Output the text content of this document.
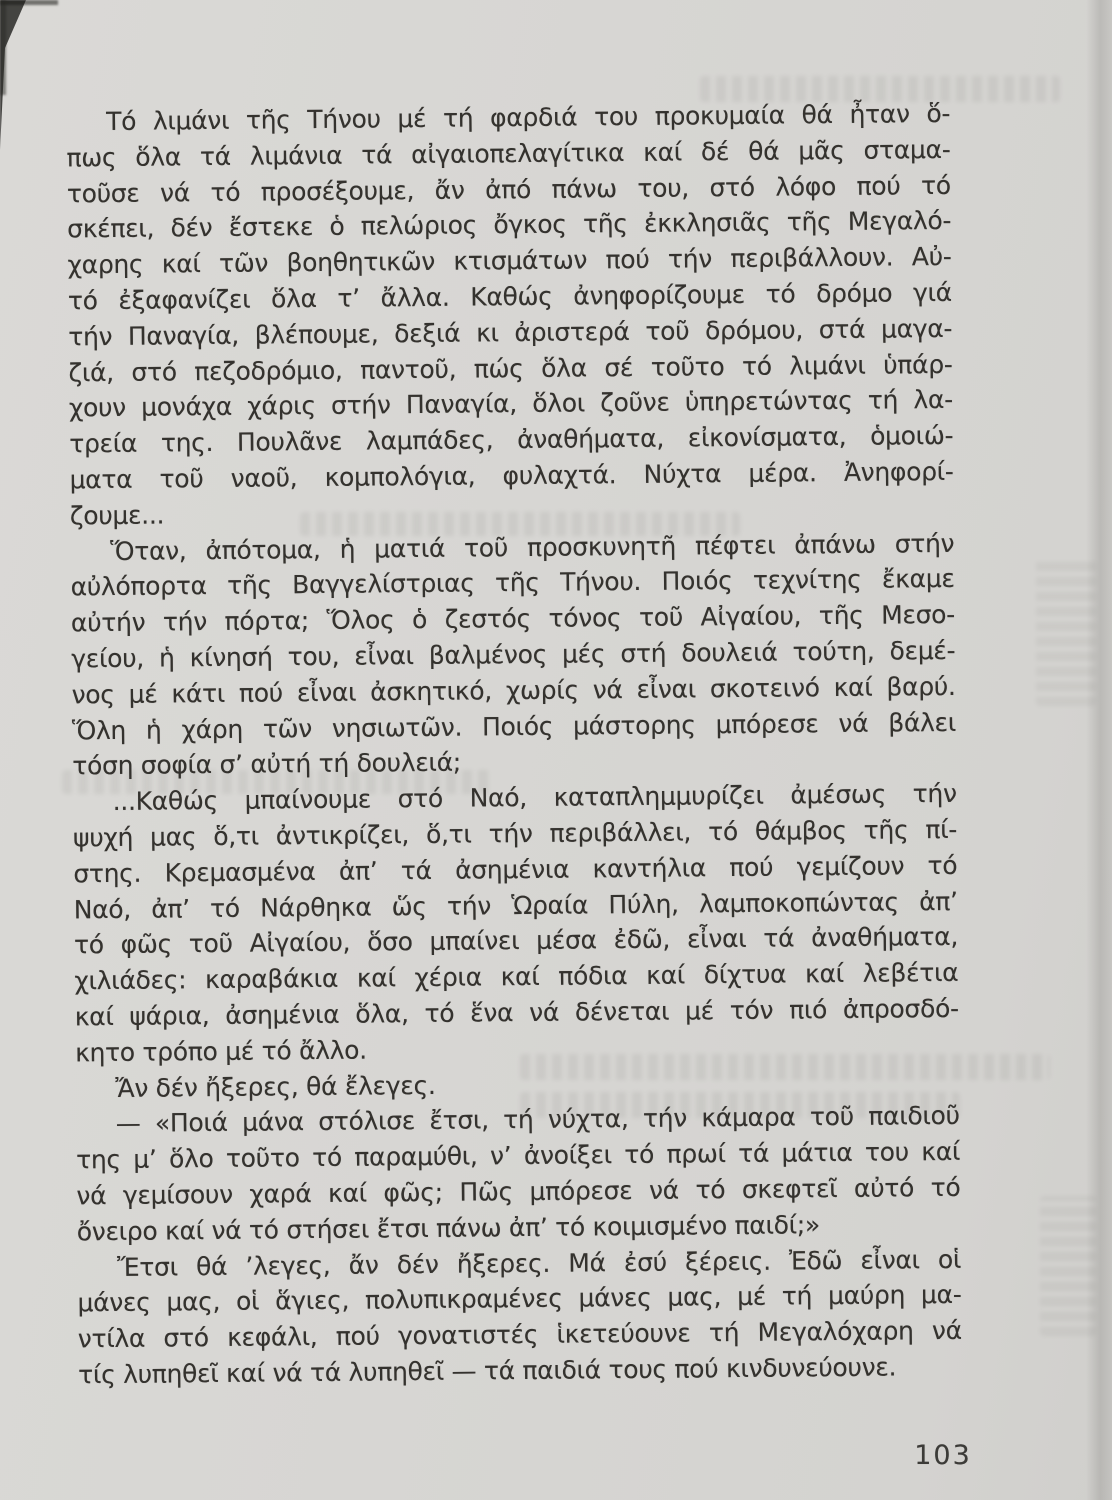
Τό λιμάνι τῆς Τήνου μέ τή φαρδιά του προκυμαία θά ἦταν ὅ-
πως ὅλα τά λιμάνια τά αἰγαιοπελαγίτικα καί δέ θά μᾶς σταμα-
τοῦσε νά τό προσέξουμε, ἄν ἀπό πάνω του, στό λόφο πού τό
σκέπει, δέν ἔστεκε ὁ πελώριος ὄγκος τῆς ἐκκλησιᾶς τῆς Μεγαλό-
χαρης καί τῶν βοηθητικῶν κτισμάτων πού τήν περιβάλλουν. Αὐ-
τό ἐξαφανίζει ὅλα τ’ ἄλλα. Καθώς ἀνηφορίζουμε τό δρόμο γιά
τήν Παναγία, βλέπουμε, δεξιά κι ἀριστερά τοῦ δρόμου, στά μαγα-
ζιά, στό πεζοδρόμιο, παντοῦ, πώς ὅλα σέ τοῦτο τό λιμάνι ὑπάρ-
χουν μονάχα χάρις στήν Παναγία, ὅλοι ζοῦνε ὑπηρετώντας τή λα-
τρεία της. Πουλᾶνε λαμπάδες, ἀναθήματα, εἰκονίσματα, ὁμοιώ-
ματα τοῦ ναοῦ, κομπολόγια, φυλαχτά. Νύχτα μέρα. Ἀνηφορί-
ζουμε...
Ὅταν, ἀπότομα, ἡ ματιά τοῦ προσκυνητῆ πέφτει ἀπάνω στήν
αὐλόπορτα τῆς Βαγγελίστριας τῆς Τήνου. Ποιός τεχνίτης ἔκαμε
αὐτήν τήν πόρτα; Ὅλος ὁ ζεστός τόνος τοῦ Αἰγαίου, τῆς Μεσο-
γείου, ἡ κίνησή του, εἶναι βαλμένος μές στή δουλειά τούτη, δεμέ-
νος μέ κάτι πού εἶναι ἀσκητικό, χωρίς νά εἶναι σκοτεινό καί βαρύ.
Ὅλη ἡ χάρη τῶν νησιωτῶν. Ποιός μάστορης μπόρεσε νά βάλει
τόση σοφία σ’ αὐτή τή δουλειά;
...Καθώς μπαίνουμε στό Ναό, καταπλημμυρίζει ἀμέσως τήν
ψυχή μας ὅ,τι ἀντικρίζει, ὅ,τι τήν περιβάλλει, τό θάμβος τῆς πί-
στης. Κρεμασμένα ἀπ’ τά ἀσημένια καντήλια πού γεμίζουν τό
Ναό, ἀπ’ τό Νάρθηκα ὥς τήν Ὡραία Πύλη, λαμποκοπώντας ἀπ’
τό φῶς τοῦ Αἰγαίου, ὅσο μπαίνει μέσα ἐδῶ, εἶναι τά ἀναθήματα,
χιλιάδες: καραβάκια καί χέρια καί πόδια καί δίχτυα καί λεβέτια
καί ψάρια, ἀσημένια ὅλα, τό ἕνα νά δένεται μέ τόν πιό ἀπροσδό-
κητο τρόπο μέ τό ἄλλο.
Ἄν δέν ἤξερες, θά ἔλεγες.
— «Ποιά μάνα στόλισε ἔτσι, τή νύχτα, τήν κάμαρα τοῦ παιδιοῦ
της μ’ ὅλο τοῦτο τό παραμύθι, ν’ ἀνοίξει τό πρωί τά μάτια του καί
νά γεμίσουν χαρά καί φῶς; Πῶς μπόρεσε νά τό σκεφτεῖ αὐτό τό
ὄνειρο καί νά τό στήσει ἔτσι πάνω ἀπ’ τό κοιμισμένο παιδί;»
Ἔτσι θά ’λεγες, ἄν δέν ἤξερες. Μά ἐσύ ξέρεις. Ἐδῶ εἶναι οἱ
μάνες μας, οἱ ἅγιες, πολυπικραμένες μάνες μας, μέ τή μαύρη μα-
ντίλα στό κεφάλι, πού γονατιστές ἱκετεύουνε τή Μεγαλόχαρη νά
τίς λυπηθεῖ καί νά τά λυπηθεῖ — τά παιδιά τους πού κινδυνεύουνε.
103
